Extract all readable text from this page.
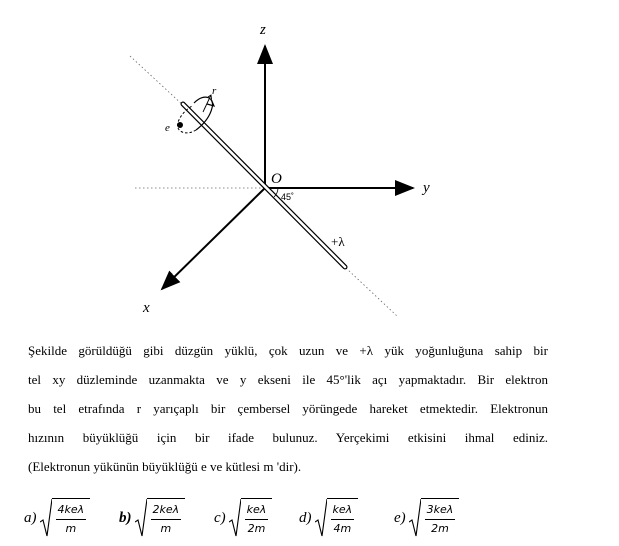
z
y
x
O
45˚
+λ
e
r
Şekilde görüldüğü gibi düzgün yüklü, çok uzun ve +λ yük yoğunluğuna sahip bir
tel xy düzleminde uzanmakta ve y ekseni ile 45°'lik açı yapmaktadır. Bir elektron
bu tel etrafında r yarıçaplı bir çembersel yörüngede hareket etmektedir. Elektronun
hızının büyüklüğü için bir ifade bulunuz. Yerçekimi etkisini ihmal ediniz.
(Elektronun yükünün büyüklüğü e ve kütlesi m 'dir).
$a) \frac{\text{4keλ}}{m} b) \frac{\text{2keλ}}{m} c) \frac{\text{keλ}}{2m} d) \frac{\text{keλ}}{4m} e) \frac{\text{3keλ}}{2m}$
